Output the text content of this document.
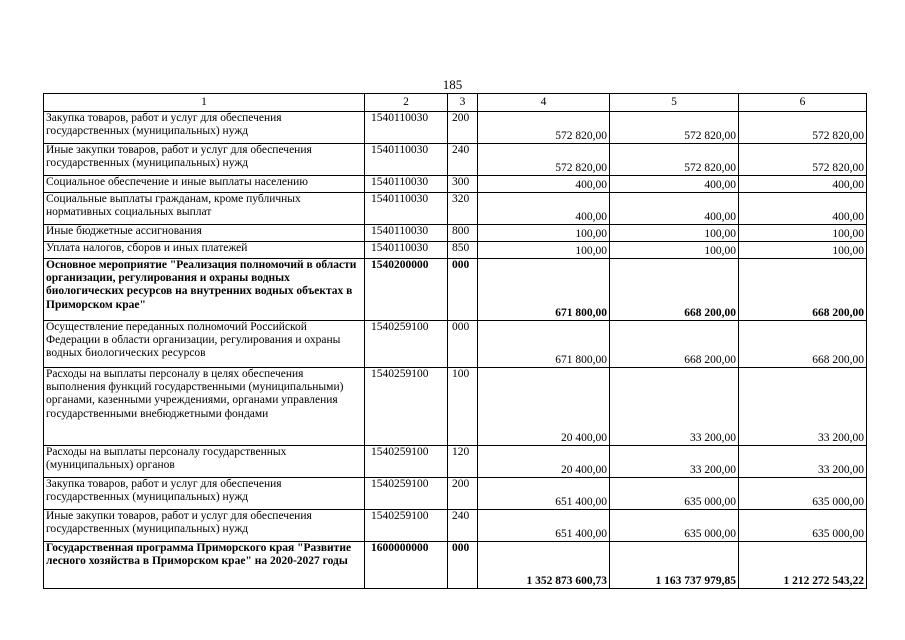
185
1	2	3	4	5	6
Закупка товаров, работ и услуг для обеспечения государственных (муниципальных) нужд	1540110030	200	572 820,00	572 820,00	572 820,00
Иные закупки товаров, работ и услуг для обеспечения государственных (муниципальных) нужд	1540110030	240	572 820,00	572 820,00	572 820,00
Социальное обеспечение и иные выплаты населению	1540110030	300	400,00	400,00	400,00
Социальные выплаты гражданам, кроме публичных нормативных социальных выплат	1540110030	320	400,00	400,00	400,00
Иные бюджетные ассигнования	1540110030	800	100,00	100,00	100,00
Уплата налогов, сборов и иных платежей	1540110030	850	100,00	100,00	100,00
Основное мероприятие "Реализация полномочий в области организации, регулирования и охраны водных биологических ресурсов на внутренних водных объектах в Приморском крае"	1540200000	000	671 800,00	668 200,00	668 200,00
Осуществление переданных полномочий Российской Федерации в области организации, регулирования и охраны водных биологических ресурсов	1540259100	000	671 800,00	668 200,00	668 200,00
Расходы на выплаты персоналу в целях обеспечения выполнения функций государственными (муниципальными) органами, казенными учреждениями, органами управления государственными внебюджетными фондами	1540259100	100	20 400,00	33 200,00	33 200,00
Расходы на выплаты персоналу государственных (муниципальных) органов	1540259100	120	20 400,00	33 200,00	33 200,00
Закупка товаров, работ и услуг для обеспечения государственных (муниципальных) нужд	1540259100	200	651 400,00	635 000,00	635 000,00
Иные закупки товаров, работ и услуг для обеспечения государственных (муниципальных) нужд	1540259100	240	651 400,00	635 000,00	635 000,00
Государственная программа Приморского края "Развитие лесного хозяйства в Приморском крае" на 2020-2027 годы	1600000000	000	1 352 873 600,73	1 163 737 979,85	1 212 272 543,22
